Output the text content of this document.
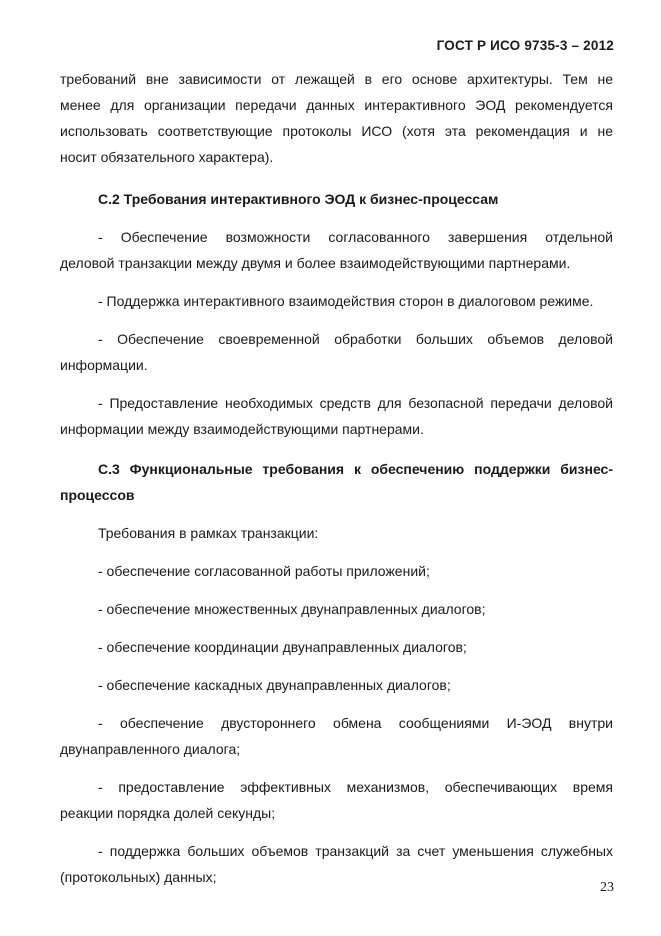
ГОСТ Р ИСО 9735-3 – 2012

требований вне зависимости от лежащей в его основе архитектуры. Тем не

менее для организации передачи данных интерактивного ЭОД рекомендуется

использовать соответствующие протоколы ИСО (хотя эта рекомендация и не

носит обязательного характера).

С.2 Требования интерактивного ЭОД к бизнес-процессам

- Обеспечение возможности согласованного завершения отдельной

деловой транзакции между двумя и более взаимодействующими партнерами.

- Поддержка интерактивного взаимодействия сторон в диалоговом режиме.

- Обеспечение своевременной обработки больших объемов деловой

информации.

- Предоставление необходимых средств для безопасной передачи деловой

информации между взаимодействующими партнерами.

С.3 Функциональные требования к обеспечению поддержки бизнес-

процессов

Требования в рамках транзакции:

- обеспечение согласованной работы приложений;

- обеспечение множественных двунаправленных диалогов;

- обеспечение координации двунаправленных диалогов;

- обеспечение каскадных двунаправленных диалогов;

- обеспечение двустороннего обмена сообщениями И-ЭОД внутри

двунаправленного диалога;

- предоставление эффективных механизмов, обеспечивающих время

реакции порядка долей секунды;

- поддержка больших объемов транзакций за счет уменьшения служебных

(протокольных) данных;

23
